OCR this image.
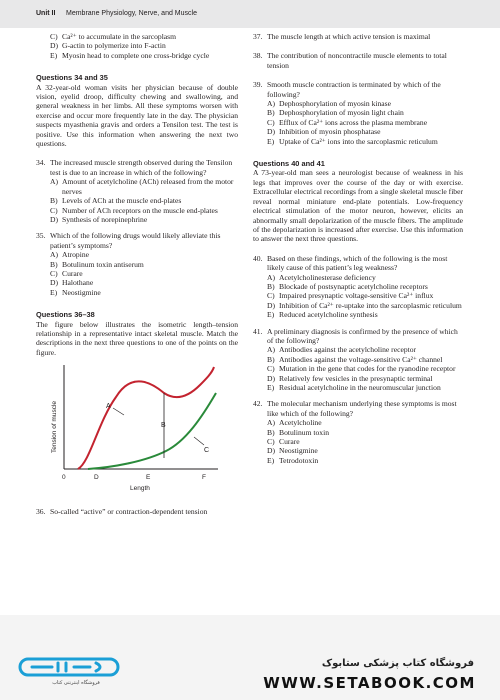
Unit II Membrane Physiology, Nerve, and Muscle
C) Ca²⁺ to accumulate in the sarcoplasm
D) G-actin to polymerize into F-actin
E) Myosin head to complete one cross-bridge cycle
Questions 34 and 35
A 32-year-old woman visits her physician because of double vision, eyelid droop, difficulty chewing and swallowing, and general weakness in her limbs. All these symptoms worsen with exercise and occur more frequently late in the day. The physician suspects myasthenia gravis and orders a Tensilon test. The test is positive. Use this information when answering the next two questions.
34. The increased muscle strength observed during the Tensilon test is due to an increase in which of the following?
A) Amount of acetylcholine (ACh) released from the motor nerves
B) Levels of ACh at the muscle end-plates
C) Number of ACh receptors on the muscle end-plates
D) Synthesis of norepinephrine
35. Which of the following drugs would likely alleviate this patient’s symptoms?
A) Atropine
B) Botulinum toxin antiserum
C) Curare
D) Halothane
E) Neostigmine
Questions 36–38
The figure below illustrates the isometric length–tension relationship in a representative intact skeletal muscle. Match the descriptions in the next three questions to one of the points on the figure.
A
B
C
0	D	E	F
Length
Tension of muscle
36. So-called “active” or contraction-dependent tension
37. The muscle length at which active tension is maximal
38. The contribution of noncontractile muscle elements to total tension
39. Smooth muscle contraction is terminated by which of the following?
A) Dephosphorylation of myosin kinase
B) Dephosphorylation of myosin light chain
C) Efflux of Ca²⁺ ions across the plasma membrane
D) Inhibition of myosin phosphatase
E) Uptake of Ca²⁺ ions into the sarcoplasmic reticulum
Questions 40 and 41
A 73-year-old man sees a neurologist because of weakness in his legs that improves over the course of the day or with exercise. Extracellular electrical recordings from a single skeletal muscle fiber reveal normal miniature end-plate potentials. Low-frequency electrical stimulation of the motor neuron, however, elicits an abnormally small depolarization of the muscle fibers. The amplitude of the depolarization is increased after exercise. Use this information to answer the next three questions.
40. Based on these findings, which of the following is the most likely cause of this patient’s leg weakness?
A) Acetylcholinesterase deficiency
B) Blockade of postsynaptic acetylcholine receptors
C) Impaired presynaptic voltage-sensitive Ca²⁺ influx
D) Inhibition of Ca²⁺ re-uptake into the sarcoplasmic reticulum
E) Reduced acetylcholine synthesis
41. A preliminary diagnosis is confirmed by the presence of which of the following?
A) Antibodies against the acetylcholine receptor
B) Antibodies against the voltage-sensitive Ca²⁺ channel
C) Mutation in the gene that codes for the ryanodine receptor
D) Relatively few vesicles in the presynaptic terminal
E) Residual acetylcholine in the neuromuscular junction
42. The molecular mechanism underlying these symptoms is most like which of the following?
A) Acetylcholine
B) Botulinum toxin
C) Curare
D) Neostigmine
E) Tetrodotoxin
فروشگاه اینترنتی کتاب
فروشگاه کتاب پزشکی ستابوک
WWW.SETABOOK.COM
